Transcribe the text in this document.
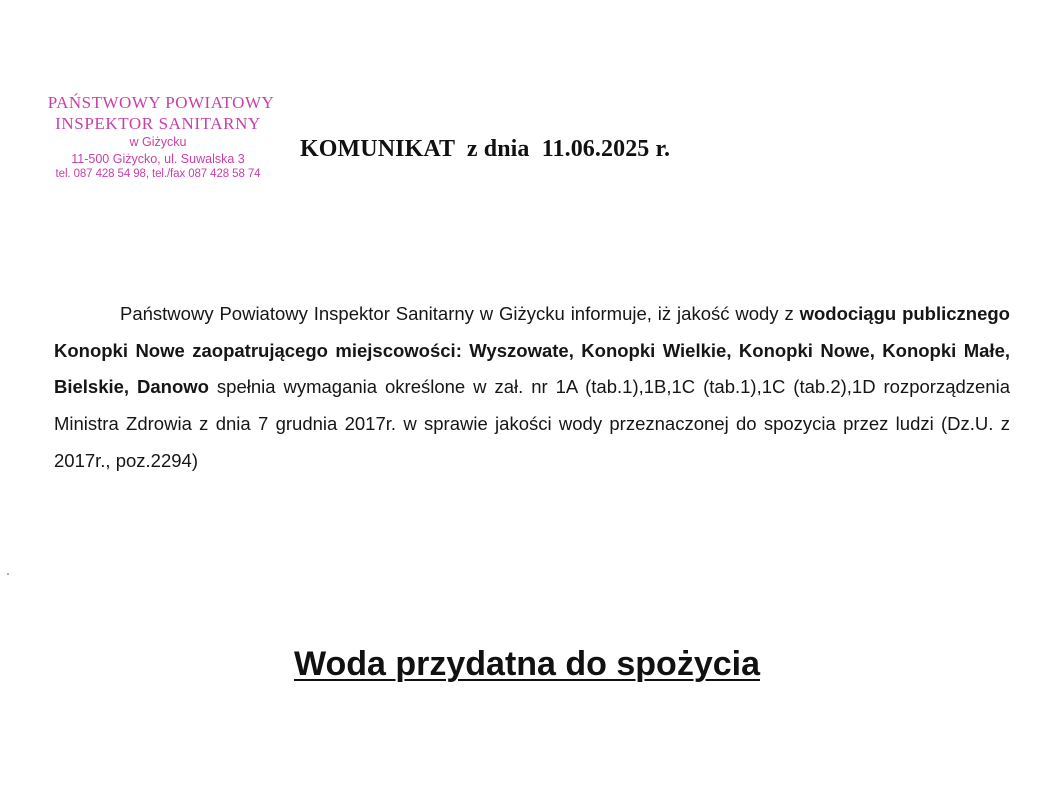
PAŃSTWOWY POWIATOWY
INSPEKTOR SANITARNY
w Giżycku
11-500 Giżycko, ul. Suwalska 3
tel. 087 428 54 98, tel./fax 087 428 58 74
KOMUNIKAT z dnia 11.06.2025 r.
Państwowy Powiatowy Inspektor Sanitarny w Giżycku informuje, iż jakość wody z wodociągu publicznego Konopki Nowe zaopatrującego miejscowości: Wyszowate, Konopki Wielkie, Konopki Nowe, Konopki Małe, Bielskie, Danowo spełnia wymagania określone w zał. nr 1A (tab.1),1B,1C (tab.1),1C (tab.2),1D rozporządzenia Ministra Zdrowia z dnia 7 grudnia 2017r. w sprawie jakości wody przeznaczonej do spozycia przez ludzi (Dz.U. z 2017r., poz.2294)
Woda przydatna do spożycia
